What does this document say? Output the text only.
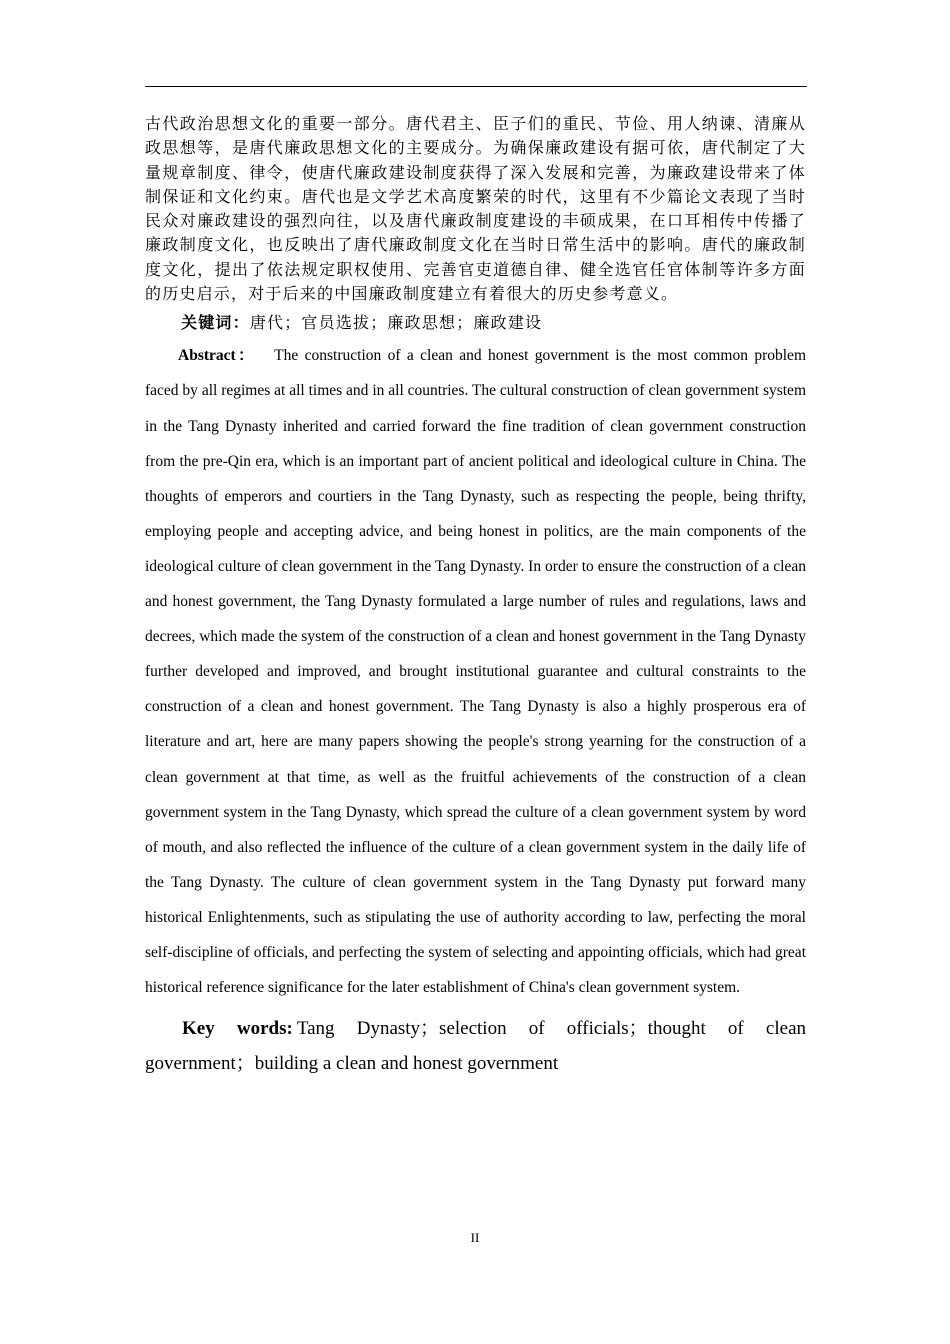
古代政治思想文化的重要一部分。唐代君主、臣子们的重民、节俭、用人纳谏、清廉从政思想等，是唐代廉政思想文化的主要成分。为确保廉政建设有据可依，唐代制定了大量规章制度、律令，使唐代廉政建设制度获得了深入发展和完善，为廉政建设带来了体制保证和文化约束。唐代也是文学艺术高度繁荣的时代，这里有不少篇论文表现了当时民众对廉政建设的强烈向往，以及唐代廉政制度建设的丰硕成果，在口耳相传中传播了廉政制度文化，也反映出了唐代廉政制度文化在当时日常生活中的影响。唐代的廉政制度文化，提出了依法规定职权使用、完善官吏道德自律、健全选官任官体制等许多方面的历史启示，对于后来的中国廉政制度建立有着很大的历史参考意义。

关键词：唐代；官员选拔；廉政思想；廉政建设

Abstract： The construction of a clean and honest government is the most common problem faced by all regimes at all times and in all countries. The cultural construction of clean government system in the Tang Dynasty inherited and carried forward the fine tradition of clean government construction from the pre-Qin era, which is an important part of ancient political and ideological culture in China. The thoughts of emperors and courtiers in the Tang Dynasty, such as respecting the people, being thrifty, employing people and accepting advice, and being honest in politics, are the main components of the ideological culture of clean government in the Tang Dynasty. In order to ensure the construction of a clean and honest government, the Tang Dynasty formulated a large number of rules and regulations, laws and decrees, which made the system of the construction of a clean and honest government in the Tang Dynasty further developed and improved, and brought institutional guarantee and cultural constraints to the construction of a clean and honest government. The Tang Dynasty is also a highly prosperous era of literature and art, here are many papers showing the people's strong yearning for the construction of a clean government at that time, as well as the fruitful achievements of the construction of a clean government system in the Tang Dynasty, which spread the culture of a clean government system by word of mouth, and also reflected the influence of the culture of a clean government system in the daily life of the Tang Dynasty. The culture of clean government system in the Tang Dynasty put forward many historical Enlightenments, such as stipulating the use of authority according to law, perfecting the moral self-discipline of officials, and perfecting the system of selecting and appointing officials, which had great historical reference significance for the later establishment of China's clean government system.

Key words: Tang Dynasty；selection of officials；thought of clean government；building a clean and honest government

II
